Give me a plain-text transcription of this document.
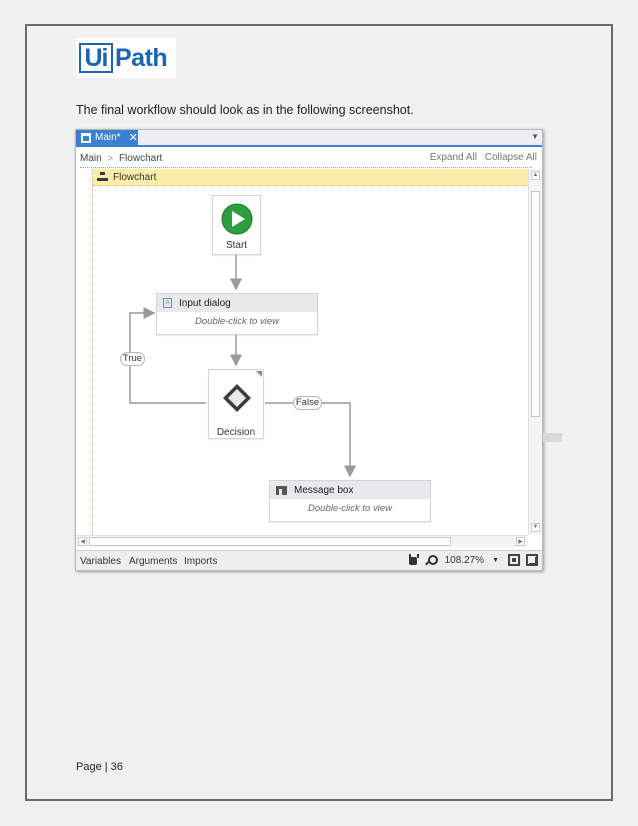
Ui Path
The final workflow should look as in the following screenshot.
Main* ✕	▼
Main > Flowchart	Expand All Collapse All
Flowchart
Start
A Input dialog
Double-click to view
Decision
True
False
Message box
Double-click to view
▲
▼
◀	▶
Variables Arguments Imports	108.27% ▼
Page | 36
